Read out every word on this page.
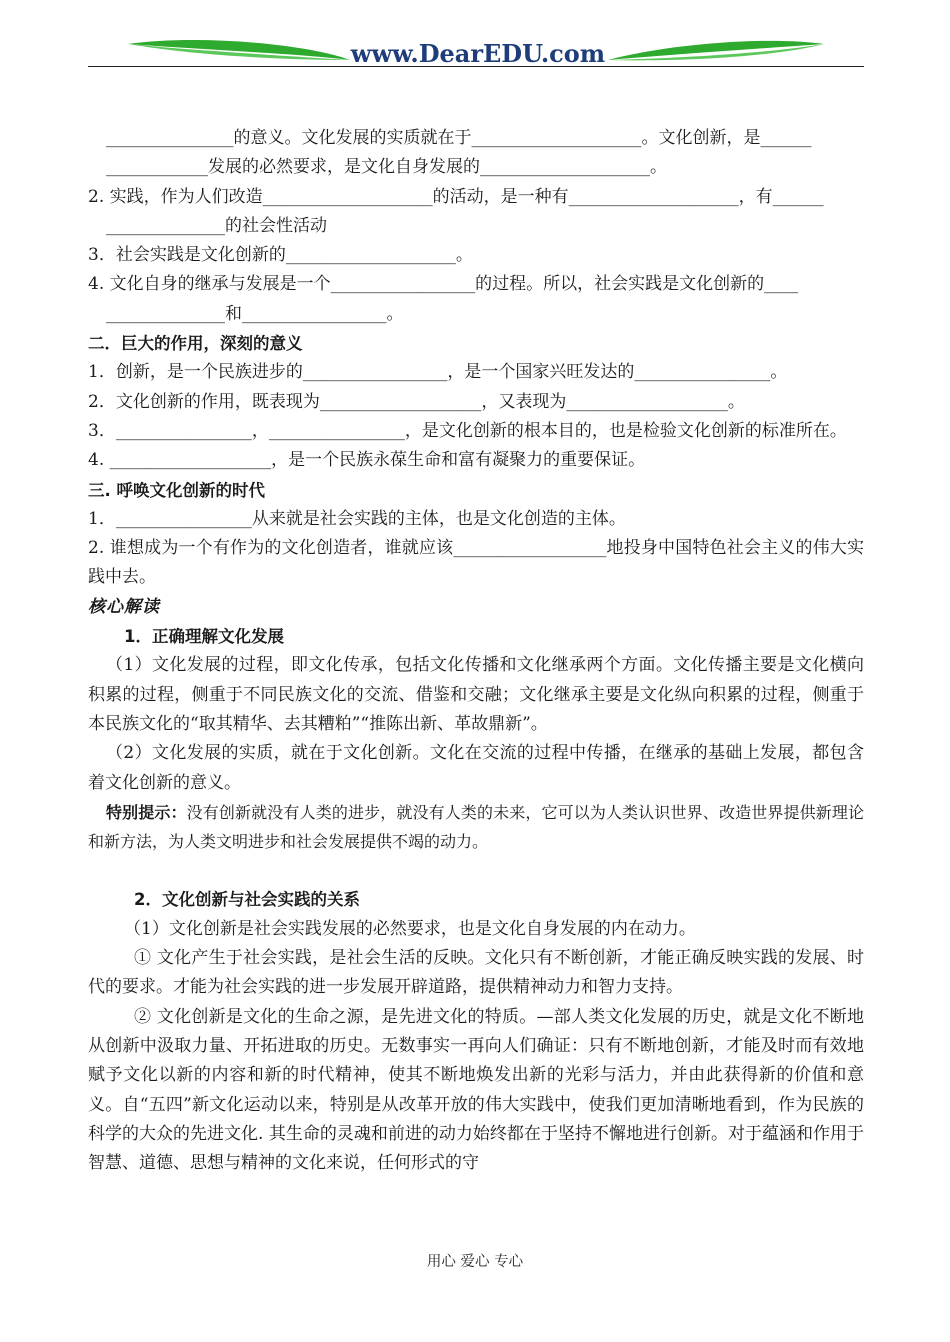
www.DearEDU.com

_______________的意义。文化发展的实质就在于____________________。文化创新，是______

____________发展的必然要求，是文化自身发展的____________________。

2. 实践，作为人们改造____________________的活动，是一种有____________________，有______

______________的社会性活动

3．社会实践是文化创新的____________________。

4. 文化自身的继承与发展是一个_________________的过程。所以，社会实践是文化创新的____

______________和_________________。

二．巨大的作用，深刻的意义

1．创新，是一个民族进步的_________________，是一个国家兴旺发达的________________。

2．文化创新的作用，既表现为___________________，又表现为___________________。

3．________________，________________，是文化创新的根本目的，也是检验文化创新的标准所在。

4. ___________________，是一个民族永葆生命和富有凝聚力的重要保证。

三. 呼唤文化创新的时代

1．________________从来就是社会实践的主体，也是文化创造的主体。

2. 谁想成为一个有作为的文化创造者，谁就应该__________________地投身中国特色社会主义的伟大实践中去。

核心解读

1．正确理解文化发展

（1）文化发展的过程，即文化传承，包括文化传播和文化继承两个方面。文化传播主要是文化横向积累的过程，侧重于不同民族文化的交流、借鉴和交融；文化继承主要是文化纵向积累的过程，侧重于本民族文化的“取其精华、去其糟粕”“推陈出新、革故鼎新”。

（2）文化发展的实质，就在于文化创新。文化在交流的过程中传播，在继承的基础上发展，都包含着文化创新的意义。

特别提示：没有创新就没有人类的进步，就没有人类的未来，它可以为人类认识世界、改造世界提供新理论和新方法，为人类文明进步和社会发展提供不竭的动力。

2．文化创新与社会实践的关系

（1）文化创新是社会实践发展的必然要求，也是文化自身发展的内在动力。

① 文化产生于社会实践，是社会生活的反映。文化只有不断创新，才能正确反映实践的发展、时代的要求。才能为社会实践的进一步发展开辟道路，提供精神动力和智力支持。

② 文化创新是文化的生命之源，是先进文化的特质。—部人类文化发展的历史，就是文化不断地从创新中汲取力量、开拓进取的历史。无数事实一再向人们确证：只有不断地创新，才能及时而有效地赋予文化以新的内容和新的时代精神，使其不断地焕发出新的光彩与活力，并由此获得新的价值和意义。自“五四”新文化运动以来，特别是从改革开放的伟大实践中，使我们更加清晰地看到，作为民族的科学的大众的先进文化. 其生命的灵魂和前进的动力始终都在于坚持不懈地进行创新。对于蕴涵和作用于智慧、道德、思想与精神的文化来说，任何形式的守

用心 爱心 专心
